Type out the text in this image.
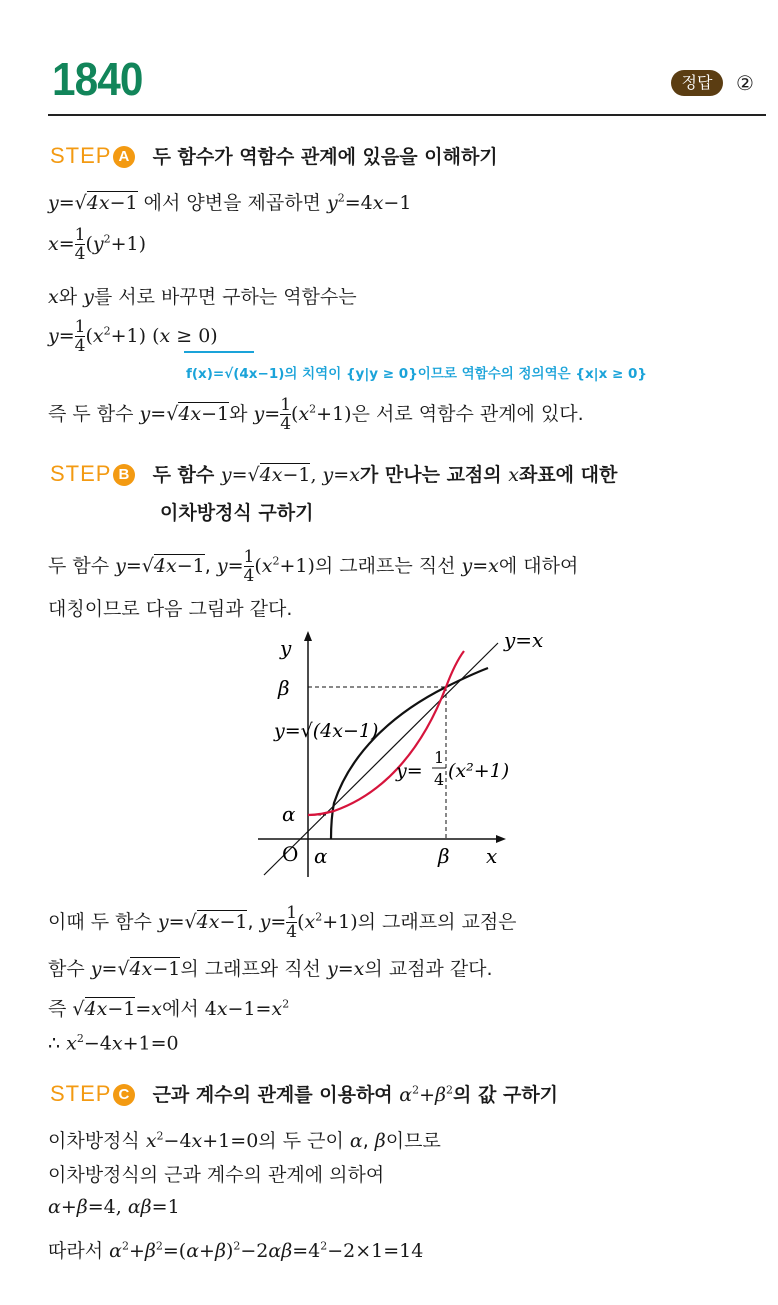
1840	정답	②
STEP A 두 함수가 역함수 관계에 있음을 이해하기
y=√4x−1 에서 양변을 제곱하면 $y^2=4x-1$
$x= \frac{1}{4} (y^2+1)$
x와 y를 서로 바꾸면 구하는 역함수는
$y= \frac{1}{4} (x^2+1) (x \ge 0)$
f(x)=√(4x−1)의 치역이 {y|y ≥ 0}이므로 역함수의 정의역은 {x|x ≥ 0}
즉 두 함수 y=√4x−1와 $y= \frac{1}{4} (x^2+1)$은 서로 역함수 관계에 있다.
STEP B 두 함수 y=√4x−1, y=x가 만나는 교점의 x좌표에 대한
이차방정식 구하기
두 함수 y=√4x−1, $y= \frac{1}{4} (x^2+1)$의 그래프는 직선 y=x에 대하여
대칭이므로 다음 그림과 같다.
y
x
O
y=x
β
α
α	β
y=√(4x−1)
y=
1
4 (x²+1)
이때 두 함수 y=√4x−1, $y= \frac{1}{4} (x^2+1)$의 그래프의 교점은
함수 y=√4x−1의 그래프와 직선 y=x의 교점과 같다.
즉 √4x−1=x에서 $4x-1=x^2$
∴ $x^2-4x+1=0$
STEP C 근과 계수의 관계를 이용하여 $\alpha^2+\beta^2$의 값 구하기
이차방정식 $x^2-4x+1=0$의 두 근이 α, β이므로
이차방정식의 근과 계수의 관계에 의하여
α+β=4, αβ=1
따라서 $\alpha^2+\beta^2=(\alpha+\beta)^2-2\alpha\beta=4^2-2\times 1=14$
